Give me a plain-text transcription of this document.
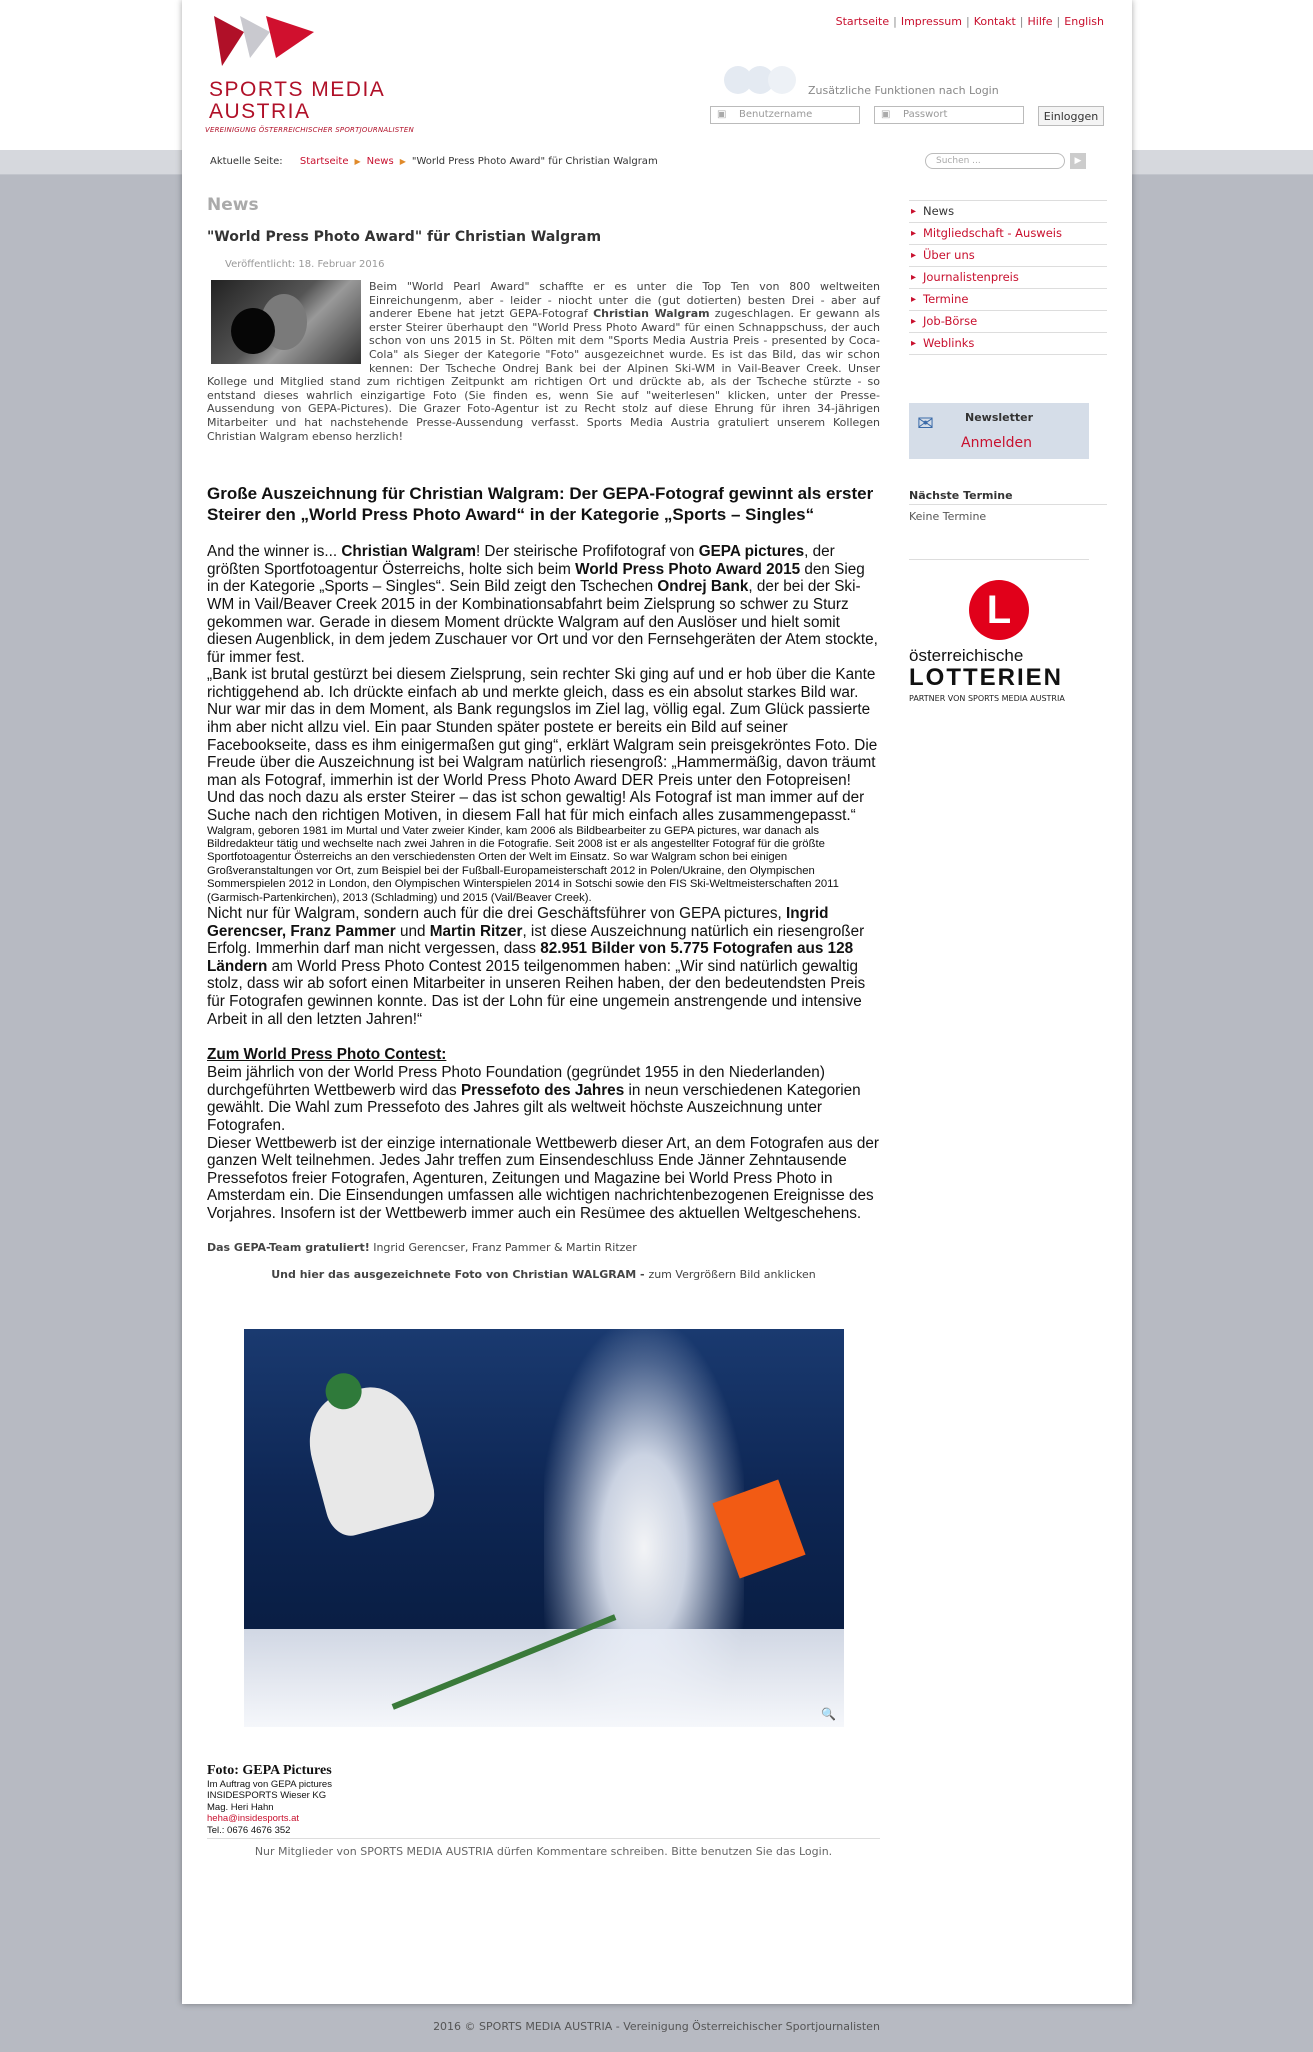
SPORTS MEDIA
AUSTRIA
VEREINIGUNG ÖSTERREICHISCHER SPORTJOURNALISTEN
Startseite | Impressum | Kontakt | Hilfe | English
Zusätzliche Funktionen nach Login
▣ Benutzername	▣ Passwort	Einloggen
Aktuelle Seite: Startseite ▶ News ▶ "World Press Photo Award" für Christian Walgram	Suchen ...	▶
News
"World Press Photo Award" für Christian Walgram
Veröffentlicht: 18. Februar 2016
Beim "World Pearl Award" schaffte er es unter die Top Ten von 800 weltweiten Einreichungenm, aber - leider - niocht unter die (gut dotierten) besten Drei - aber auf anderer Ebene hat jetzt GEPA-Fotograf Christian Walgram zugeschlagen. Er gewann als erster Steirer überhaupt den "World Press Photo Award" für einen Schnappschuss, der auch schon von uns 2015 in St. Pölten mit dem "Sports Media Austria Preis - presented by Coca-Cola" als Sieger der Kategorie "Foto" ausgezeichnet wurde. Es ist das Bild, das wir schon kennen: Der Tscheche Ondrej Bank bei der Alpinen Ski-WM in Vail-Beaver Creek. Unser Kollege und Mitglied stand zum richtigen Zeitpunkt am richtigen Ort und drückte ab, als der Tscheche stürzte - so entstand dieses wahrlich einzigartige Foto (Sie finden es, wenn Sie auf "weiterlesen" klicken, unter der Presse-Aussendung von GEPA-Pictures). Die Grazer Foto-Agentur ist zu Recht stolz auf diese Ehrung für ihren 34-jährigen Mitarbeiter und hat nachstehende Presse-Aussendung verfasst. Sports Media Austria gratuliert unserem Kollegen Christian Walgram ebenso herzlich!
Große Auszeichnung für Christian Walgram: Der GEPA-Fotograf gewinnt als erster Steirer den „World Press Photo Award“ in der Kategorie „Sports – Singles“

And the winner is... Christian Walgram! Der steirische Profifotograf von GEPA pictures, der größten Sportfotoagentur Österreichs, holte sich beim World Press Photo Award 2015 den Sieg in der Kategorie „Sports – Singles“. Sein Bild zeigt den Tschechen Ondrej Bank, der bei der Ski-WM in Vail/Beaver Creek 2015 in der Kombinationsabfahrt beim Zielsprung so schwer zu Sturz gekommen war. Gerade in diesem Moment drückte Walgram auf den Auslöser und hielt somit diesen Augenblick, in dem jedem Zuschauer vor Ort und vor den Fernsehgeräten der Atem stockte, für immer fest.

„Bank ist brutal gestürzt bei diesem Zielsprung, sein rechter Ski ging auf und er hob über die Kante richtiggehend ab. Ich drückte einfach ab und merkte gleich, dass es ein absolut starkes Bild war. Nur war mir das in dem Moment, als Bank regungslos im Ziel lag, völlig egal. Zum Glück passierte ihm aber nicht allzu viel. Ein paar Stunden später postete er bereits ein Bild auf seiner Facebookseite, dass es ihm einigermaßen gut ging“, erklärt Walgram sein preisgekröntes Foto. Die Freude über die Auszeichnung ist bei Walgram natürlich riesengroß: „Hammermäßig, davon träumt man als Fotograf, immerhin ist der World Press Photo Award DER Preis unter den Fotopreisen! Und das noch dazu als erster Steirer – das ist schon gewaltig! Als Fotograf ist man immer auf der Suche nach den richtigen Motiven, in diesem Fall hat für mich einfach alles zusammengepasst.“

Walgram, geboren 1981 im Murtal und Vater zweier Kinder, kam 2006 als Bildbearbeiter zu GEPA pictures, war danach als Bildredakteur tätig und wechselte nach zwei Jahren in die Fotografie. Seit 2008 ist er als angestellter Fotograf für die größte Sportfotoagentur Österreichs an den verschiedensten Orten der Welt im Einsatz. So war Walgram schon bei einigen Großveranstaltungen vor Ort, zum Beispiel bei der Fußball-Europameisterschaft 2012 in Polen/Ukraine, den Olympischen Sommerspielen 2012 in London, den Olympischen Winterspielen 2014 in Sotschi sowie den FIS Ski-Weltmeisterschaften 2011 (Garmisch-Partenkirchen), 2013 (Schladming) und 2015 (Vail/Beaver Creek).

Nicht nur für Walgram, sondern auch für die drei Geschäftsführer von GEPA pictures, Ingrid Gerencser, Franz Pammer und Martin Ritzer, ist diese Auszeichnung natürlich ein riesengroßer Erfolg. Immerhin darf man nicht vergessen, dass 82.951 Bilder von 5.775 Fotografen aus 128 Ländern am World Press Photo Contest 2015 teilgenommen haben: „Wir sind natürlich gewaltig stolz, dass wir ab sofort einen Mitarbeiter in unseren Reihen haben, der den bedeutendsten Preis für Fotografen gewinnen konnte. Das ist der Lohn für eine ungemein anstrengende und intensive Arbeit in all den letzten Jahren!“

Zum World Press Photo Contest:

Beim jährlich von der World Press Photo Foundation (gegründet 1955 in den Niederlanden) durchgeführten Wettbewerb wird das Pressefoto des Jahres in neun verschiedenen Kategorien gewählt. Die Wahl zum Pressefoto des Jahres gilt als weltweit höchste Auszeichnung unter Fotografen.

Dieser Wettbewerb ist der einzige internationale Wettbewerb dieser Art, an dem Fotografen aus der ganzen Welt teilnehmen. Jedes Jahr treffen zum Einsendeschluss Ende Jänner Zehntausende Pressefotos freier Fotografen, Agenturen, Zeitungen und Magazine bei World Press Photo in Amsterdam ein. Die Einsendungen umfassen alle wichtigen nachrichtenbezogenen Ereignisse des Vorjahres. Insofern ist der Wettbewerb immer auch ein Resümee des aktuellen Weltgeschehens.

Das GEPA-Team gratuliert! Ingrid Gerencser, Franz Pammer & Martin Ritzer
Und hier das ausgezeichnete Foto von Christian WALGRAM - zum Vergrößern Bild anklicken
🔍
Foto: GEPA Pictures
Im Auftrag von GEPA pictures
INSIDESPORTS Wieser KG
Mag. Heri Hahn
heha@insidesports.at
Tel.: 0676 4676 352
Nur Mitglieder von SPORTS MEDIA AUSTRIA dürfen Kommentare schreiben. Bitte benutzen Sie das Login.
▸ News
▸ Mitgliedschaft - Ausweis
▸ Über uns
▸ Journalistenpreis
▸ Termine
▸ Job-Börse
▸ Weblinks
✉	Newsletter
Anmelden
Nächste Termine
Keine Termine
L
österreichische
LOTTERIEN
PARTNER VON SPORTS MEDIA AUSTRIA
2016 © SPORTS MEDIA AUSTRIA - Vereinigung Österreichischer Sportjournalisten
